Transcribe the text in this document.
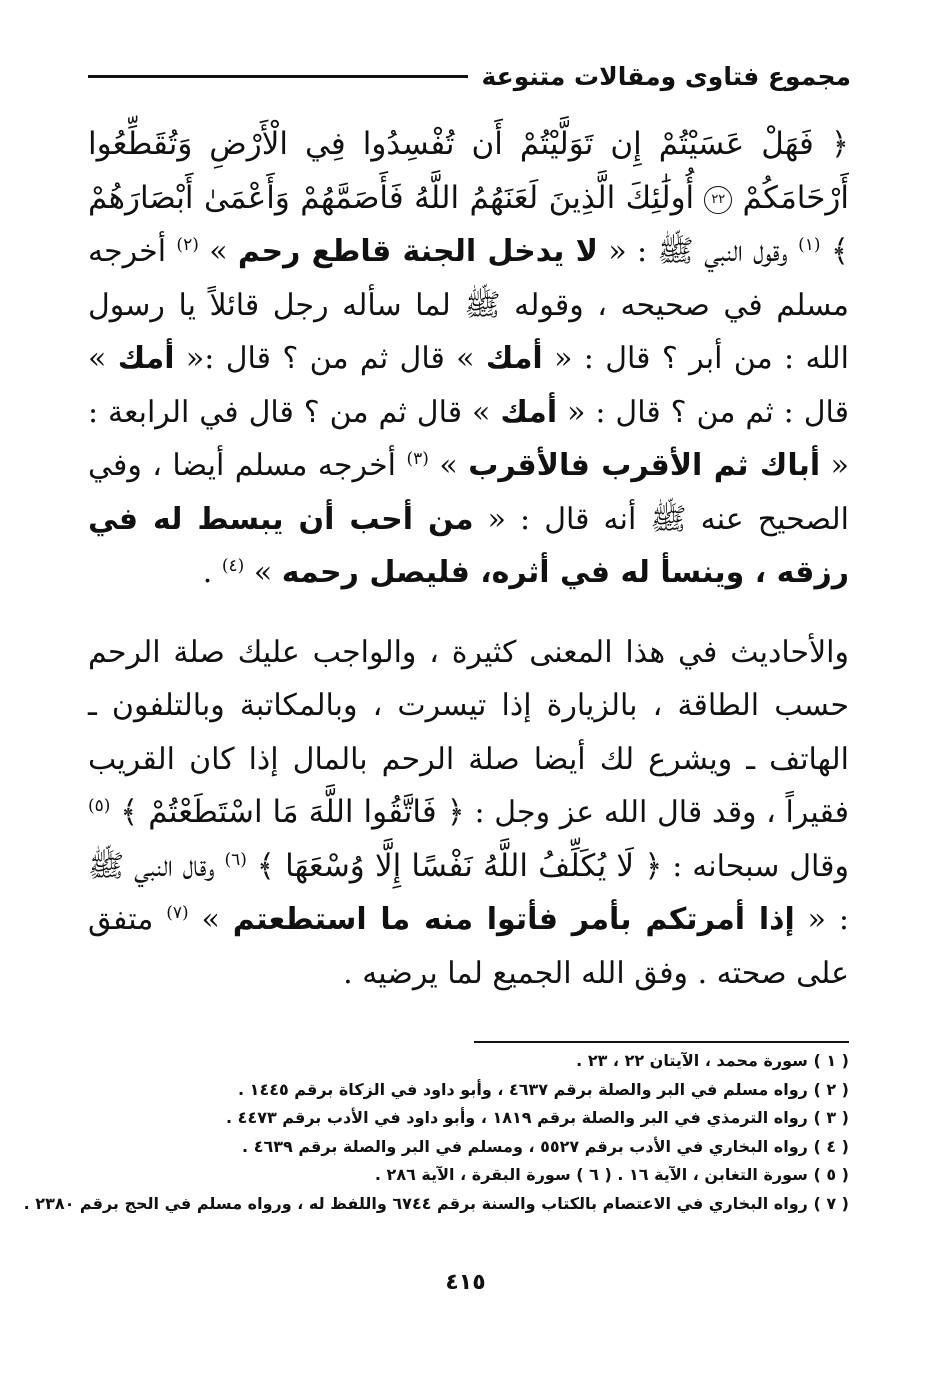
مجموع فتاوى ومقالات متنوعة

﴿ فَهَلْ عَسَيْتُمْ إِن تَوَلَّيْتُمْ أَن تُفْسِدُوا فِي الْأَرْضِ وَتُقَطِّعُوا أَرْحَامَكُمْ ٢٢ أُولَٰئِكَ الَّذِينَ لَعَنَهُمُ اللَّهُ فَأَصَمَّهُمْ وَأَعْمَىٰ أَبْصَارَهُمْ ﴾ $^{(١)}$ وقول النبي ﷺ : « لا يدخل الجنة قاطع رحم » $^{(٢)}$ أخرجه مسلم في صحيحه ، وقوله ﷺ لما سأله رجل قائلاً يا رسول الله : من أبر ؟ قال : « أمك » قال ثم من ؟ قال :« أمك » قال : ثم من ؟ قال : « أمك » قال ثم من ؟ قال في الرابعة : « أباك ثم الأقرب فالأقرب » $^{(٣)}$ أخرجه مسلم أيضا ، وفي الصحيح عنه ﷺ أنه قال : « من أحب أن يبسط له في رزقه ، وينسأ له في أثره، فليصل رحمه » $^{(٤)}$ .

والأحاديث في هذا المعنى كثيرة ، والواجب عليك صلة الرحم حسب الطاقة ، بالزيارة إذا تيسرت ، وبالمكاتبة وبالتلفون ـ الهاتف ـ ويشرع لك أيضا صلة الرحم بالمال إذا كان القريب فقيراً ، وقد قال الله عز وجل : ﴿ فَاتَّقُوا اللَّهَ مَا اسْتَطَعْتُمْ ﴾ $^{(٥)}$ وقال سبحانه : ﴿ لَا يُكَلِّفُ اللَّهُ نَفْسًا إِلَّا وُسْعَهَا ﴾ $^{(٦)}$ وقال النبي ﷺ : « إذا أمرتكم بأمر فأتوا منه ما استطعتم » $^{(٧)}$ متفق على صحته . وفق الله الجميع لما يرضيه .

( ١ ) سورة محمد ، الآيتان ٢٢ ، ٢٣ .
( ٢ ) رواه مسلم في البر والصلة برقم ٤٦٣٧ ، وأبو داود في الزكاة برقم ١٤٤٥ .
( ٣ ) رواه الترمذي في البر والصلة برقم ١٨١٩ ، وأبو داود في الأدب برقم ٤٤٧٣ .
( ٤ ) رواه البخاري في الأدب برقم ٥٥٢٧ ، ومسلم في البر والصلة برقم ٤٦٣٩ .
( ٥ ) سورة التغابن ، الآية ١٦ . ( ٦ ) سورة البقرة ، الآية ٢٨٦ .
( ٧ ) رواه البخاري في الاعتصام بالكتاب والسنة برقم ٦٧٤٤ واللفظ له ، ورواه مسلم في الحج برقم ٢٣٨٠ .
٤١٥
